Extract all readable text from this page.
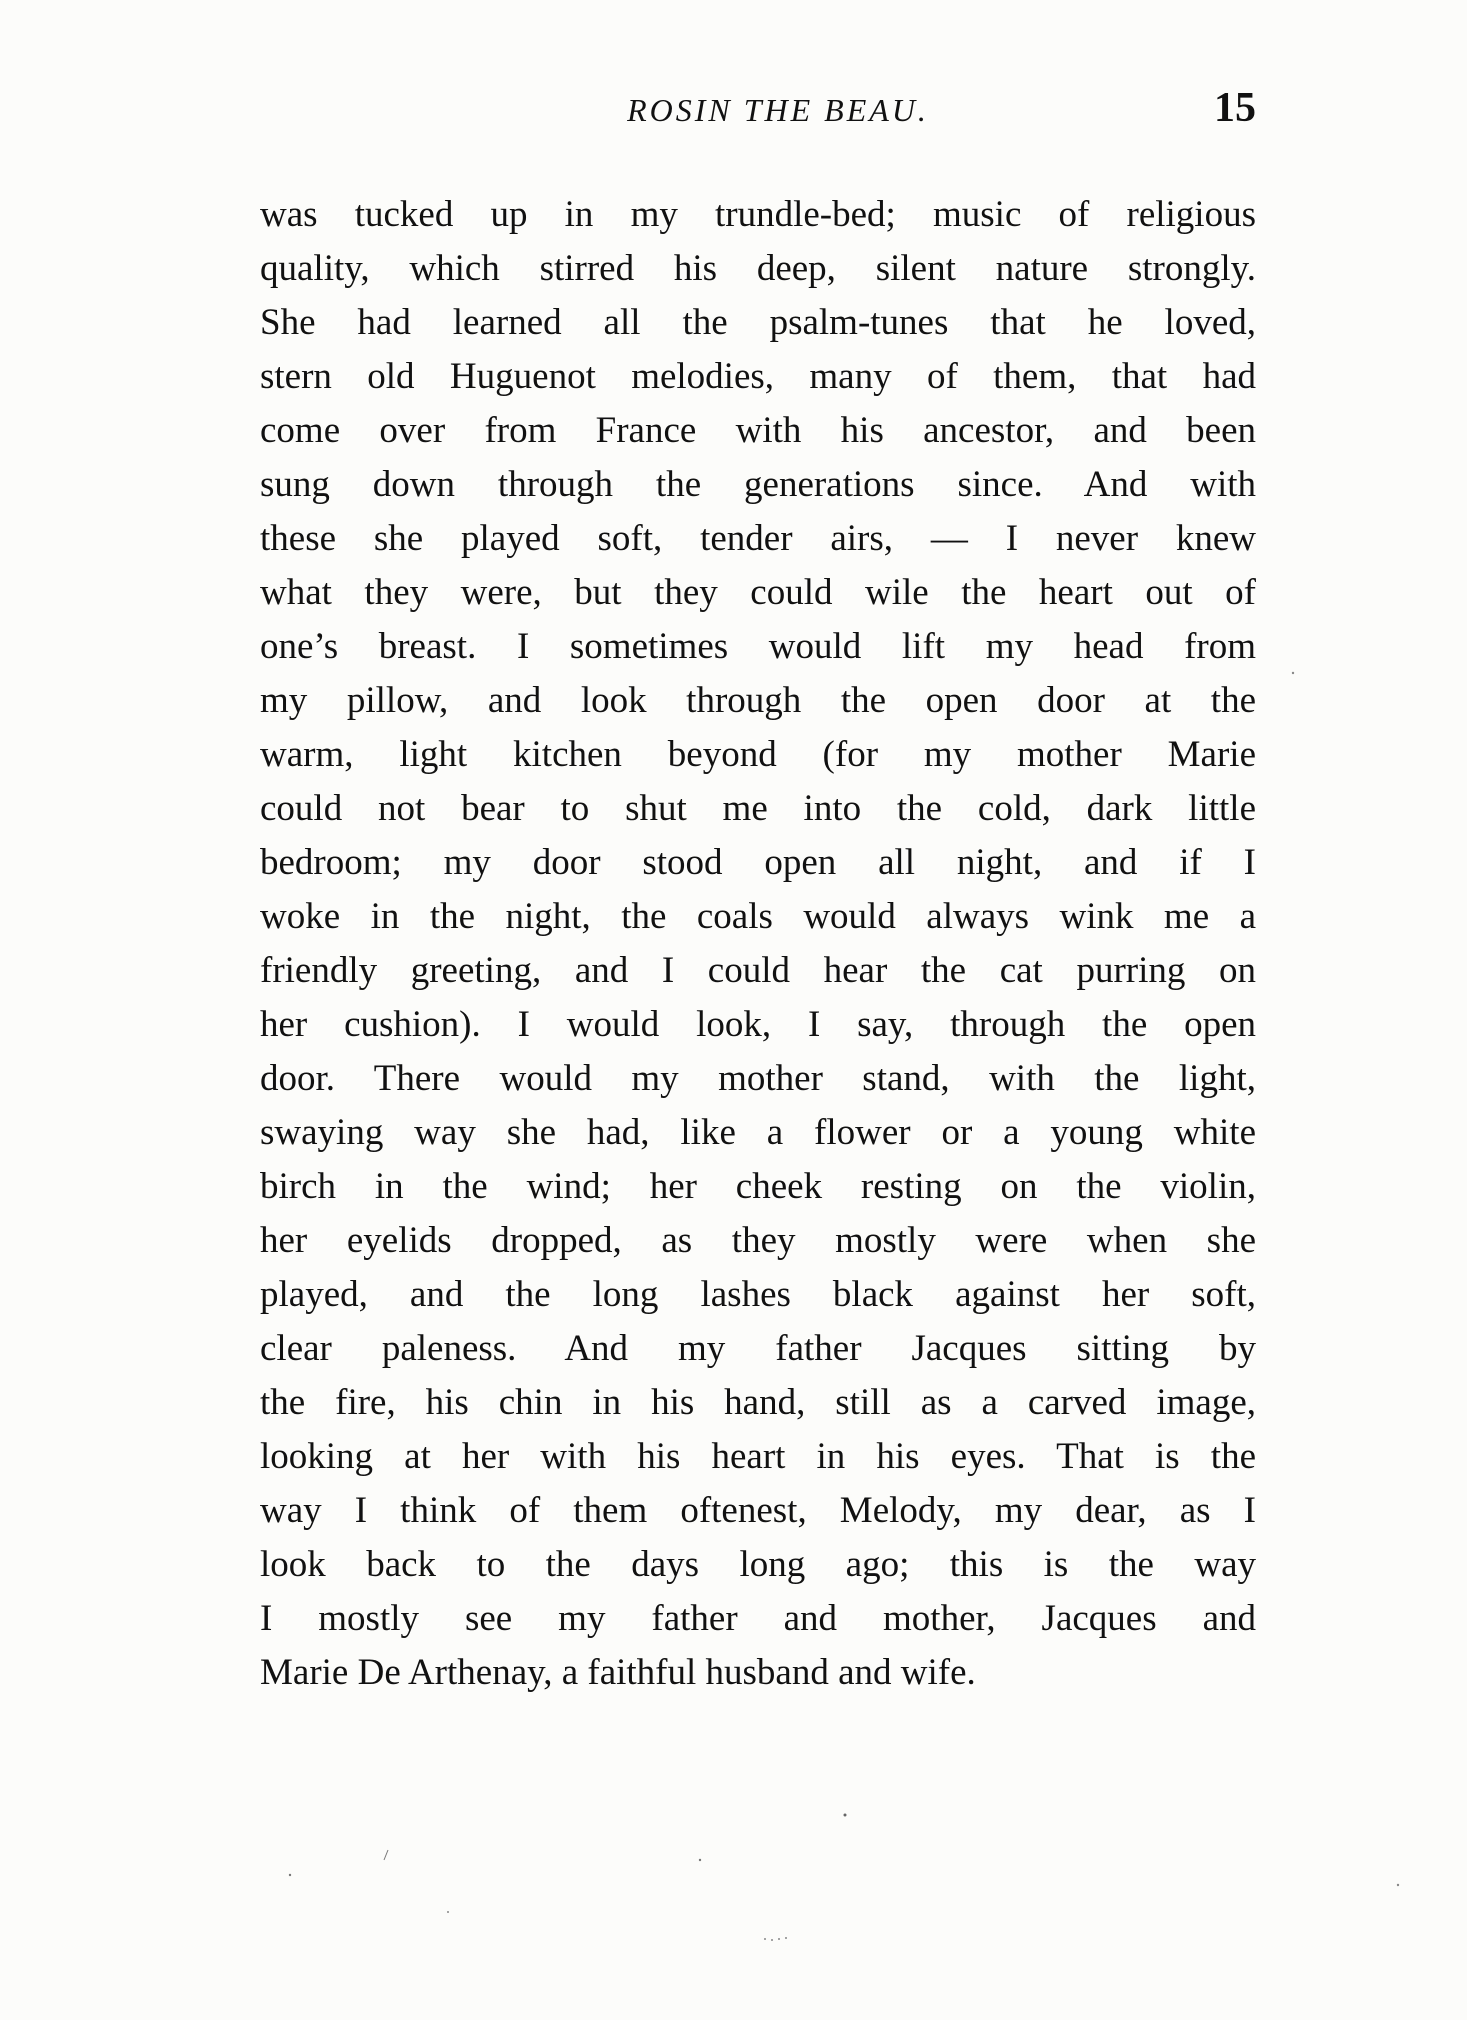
ROSIN THE BEAU.	15
was tucked up in my trundle-bed; music of religious
quality, which stirred his deep, silent nature strongly.
She had learned all the psalm-tunes that he loved,
stern old Huguenot melodies, many of them, that had
come over from France with his ancestor, and been
sung down through the generations since. And with
these she played soft, tender airs, — I never knew
what they were, but they could wile the heart out of
one’s breast. I sometimes would lift my head from
my pillow, and look through the open door at the
warm, light kitchen beyond (for my mother Marie
could not bear to shut me into the cold, dark little
bedroom; my door stood open all night, and if I
woke in the night, the coals would always wink me a
friendly greeting, and I could hear the cat purring on
her cushion). I would look, I say, through the open
door. There would my mother stand, with the light,
swaying way she had, like a flower or a young white
birch in the wind; her cheek resting on the violin,
her eyelids dropped, as they mostly were when she
played, and the long lashes black against her soft,
clear paleness. And my father Jacques sitting by
the fire, his chin in his hand, still as a carved image,
looking at her with his heart in his eyes. That is the
way I think of them oftenest, Melody, my dear, as I
look back to the days long ago; this is the way
I mostly see my father and mother, Jacques and
Marie De Arthenay, a faithful husband and wife.
